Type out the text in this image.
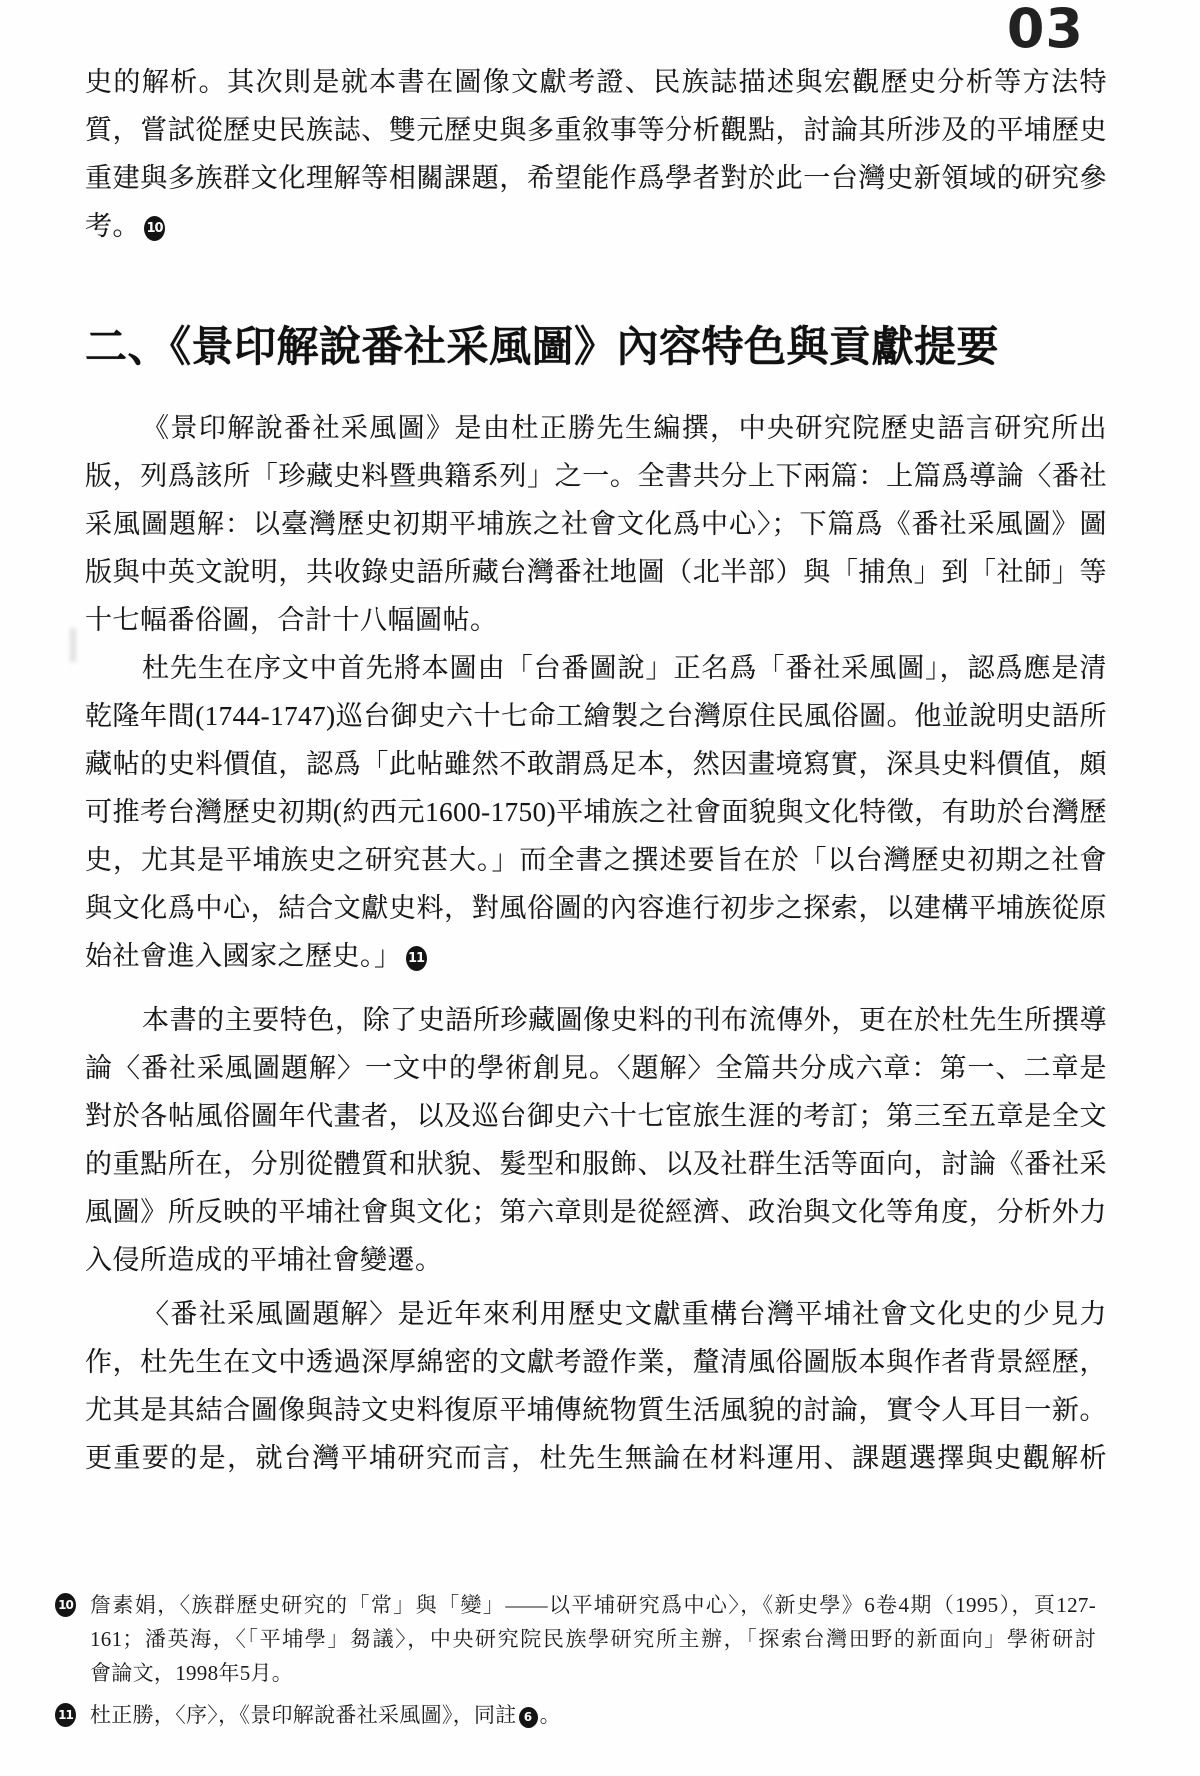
03
史的解析。其次則是就本書在圖像文獻考證、民族誌描述與宏觀歷史分析等方法特
質，嘗試從歷史民族誌、雙元歷史與多重敘事等分析觀點，討論其所涉及的平埔歷史
重建與多族群文化理解等相關課題，希望能作爲學者對於此一台灣史新領域的研究參
考。 10
二、《景印解說番社采風圖》內容特色與貢獻提要
《景印解說番社采風圖》是由杜正勝先生編撰，中央研究院歷史語言研究所出
版，列爲該所「珍藏史料暨典籍系列」之一。全書共分上下兩篇：上篇爲導論〈番社
采風圖題解：以臺灣歷史初期平埔族之社會文化爲中心〉；下篇爲《番社采風圖》圖
版與中英文說明，共收錄史語所藏台灣番社地圖（北半部）與「捕魚」到「社師」等
十七幅番俗圖，合計十八幅圖帖。
杜先生在序文中首先將本圖由「台番圖說」正名爲「番社采風圖」，認爲應是清
乾隆年間(1744-1747)巡台御史六十七命工繪製之台灣原住民風俗圖。他並說明史語所
藏帖的史料價值，認爲「此帖雖然不敢謂爲足本，然因畫境寫實，深具史料價值，頗
可推考台灣歷史初期(約西元1600-1750)平埔族之社會面貌與文化特徵，有助於台灣歷
史，尤其是平埔族史之研究甚大。」而全書之撰述要旨在於「以台灣歷史初期之社會
與文化爲中心，結合文獻史料，對風俗圖的內容進行初步之探索，以建構平埔族從原
始社會進入國家之歷史。」 11
本書的主要特色，除了史語所珍藏圖像史料的刊布流傳外，更在於杜先生所撰導
論〈番社采風圖題解〉一文中的學術創見。〈題解〉全篇共分成六章：第一、二章是
對於各帖風俗圖年代畫者，以及巡台御史六十七宦旅生涯的考訂；第三至五章是全文
的重點所在，分別從體質和狀貌、髮型和服飾、以及社群生活等面向，討論《番社采
風圖》所反映的平埔社會與文化；第六章則是從經濟、政治與文化等角度，分析外力
入侵所造成的平埔社會變遷。
〈番社采風圖題解〉是近年來利用歷史文獻重構台灣平埔社會文化史的少見力
作，杜先生在文中透過深厚綿密的文獻考證作業，釐清風俗圖版本與作者背景經歷，
尤其是其結合圖像與詩文史料復原平埔傳統物質生活風貌的討論，實令人耳目一新。
更重要的是，就台灣平埔研究而言，杜先生無論在材料運用、課題選擇與史觀解析
10 詹素娟，〈族群歷史研究的「常」與「變」——以平埔研究爲中心〉，《新史學》6卷4期（1995），頁127-
161；潘英海，〈「平埔學」芻議〉，中央研究院民族學研究所主辦，「探索台灣田野的新面向」學術研討
會論文，1998年5月。
11 杜正勝，〈序〉，《景印解說番社采風圖》，同註 6 。
